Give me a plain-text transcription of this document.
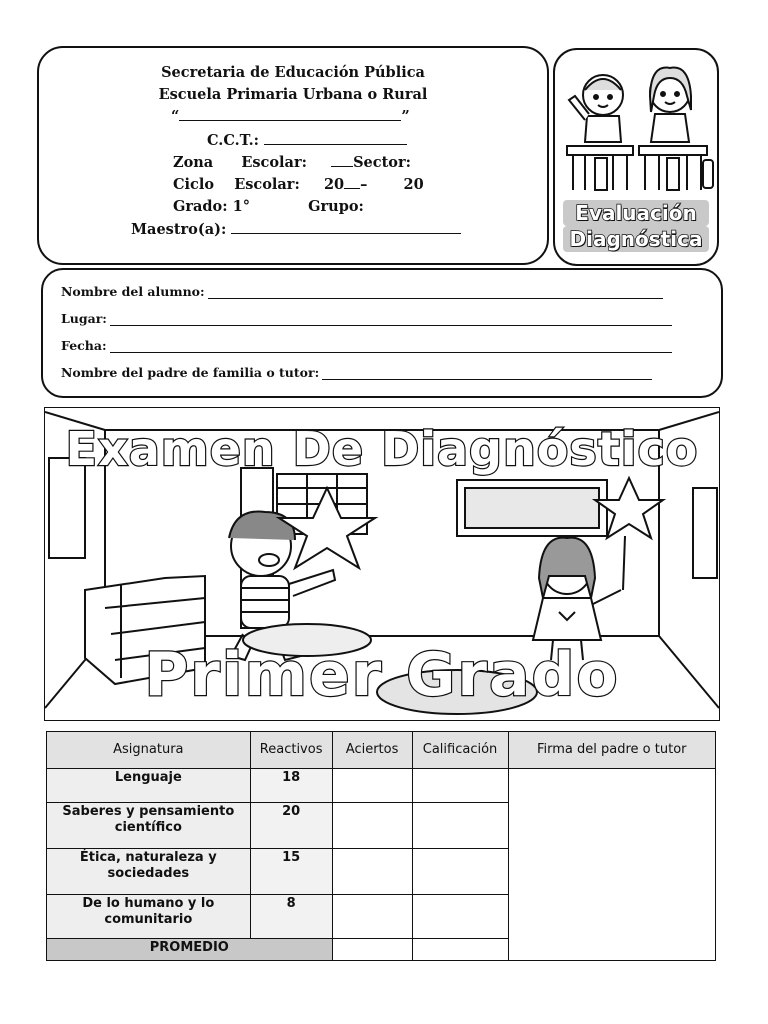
Secretaria de Educación Pública
Escuela Primaria Urbana o Rural
“	”
C.C.T.:
Zona Escolar:	Sector:
Ciclo Escolar: 20 – 20
Grado: 1°	Grupo:
Maestro(a):
Evaluación
Diagnóstica
Nombre del alumno:
Lugar:
Fecha:
Nombre del padre de familia o tutor:
Examen De Diagnóstico
Primer Grado
Asignatura	Reactivos	Aciertos	Calificación	Firma del padre o tutor
Lenguaje	18			
Saberes y pensamiento científico	20			
Ética, naturaleza y sociedades	15			
De lo humano y lo comunitario	8			
PROMEDIO				
